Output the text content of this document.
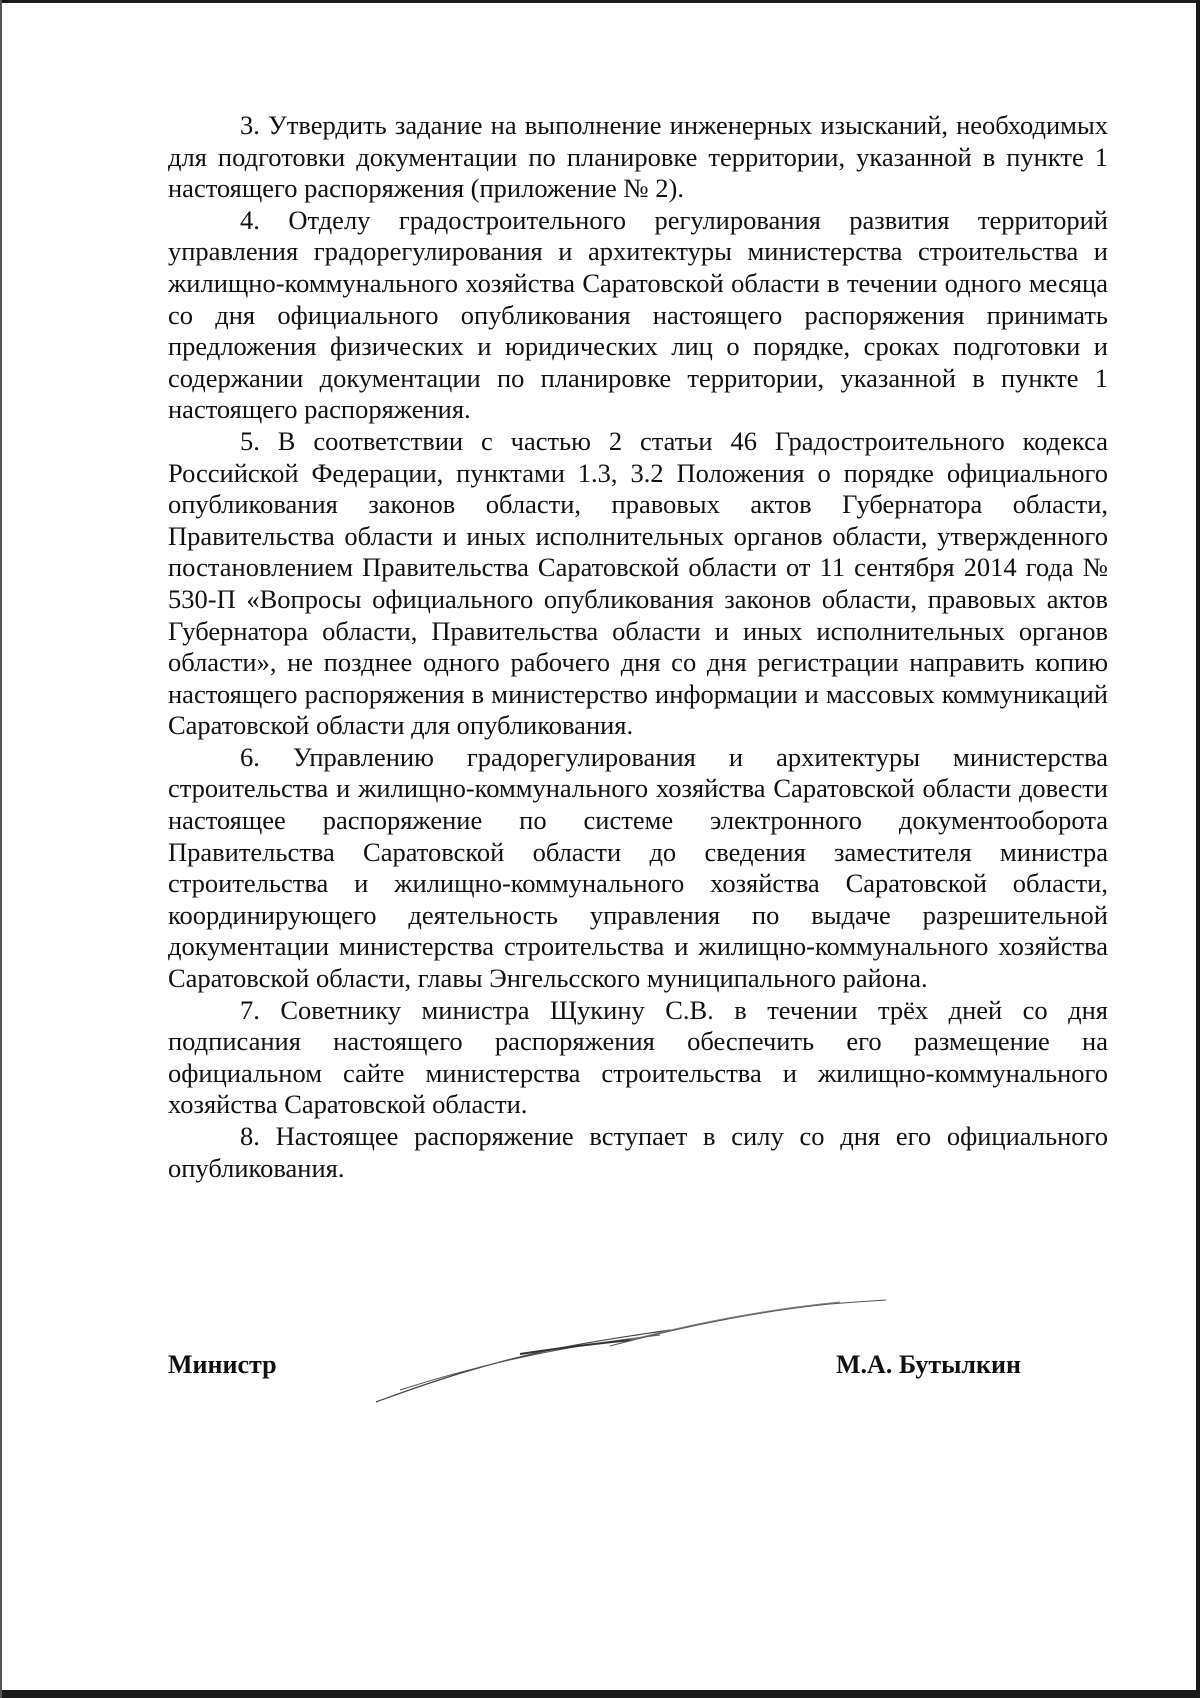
3. Утвердить задание на выполнение инженерных изысканий, необходимых для подготовки документации по планировке территории, указанной в пункте 1 настоящего распоряжения (приложение № 2).

4. Отделу градостроительного регулирования развития территорий управления градорегулирования и архитектуры министерства строительства и жилищно-коммунального хозяйства Саратовской области в течении одного месяца со дня официального опубликования настоящего распоряжения принимать предложения физических и юридических лиц о порядке, сроках подготовки и содержании документации по планировке территории, указанной в пункте 1 настоящего распоряжения.

5. В соответствии с частью 2 статьи 46 Градостроительного кодекса Российской Федерации, пунктами 1.3, 3.2 Положения о порядке официального опубликования законов области, правовых актов Губернатора области, Правительства области и иных исполнительных органов области, утвержденного постановлением Правительства Саратовской области от 11 сентября 2014 года № 530-П «Вопросы официального опубликования законов области, правовых актов Губернатора области, Правительства области и иных исполнительных органов области», не позднее одного рабочего дня со дня регистрации направить копию настоящего распоряжения в министерство информации и массовых коммуникаций Саратовской области для опубликования.

6. Управлению градорегулирования и архитектуры министерства строительства и жилищно-коммунального хозяйства Саратовской области довести настоящее распоряжение по системе электронного документооборота Правительства Саратовской области до сведения заместителя министра строительства и жилищно-коммунального хозяйства Саратовской области, координирующего деятельность управления по выдаче разрешительной документации министерства строительства и жилищно-коммунального хозяйства Саратовской области, главы Энгельсского муниципального района.

7. Советнику министра Щукину С.В. в течении трёх дней со дня подписания настоящего распоряжения обеспечить его размещение на официальном сайте министерства строительства и жилищно-коммунального хозяйства Саратовской области.

8. Настоящее распоряжение вступает в силу со дня его официального опубликования.

Министр	М.А. Бутылкин
